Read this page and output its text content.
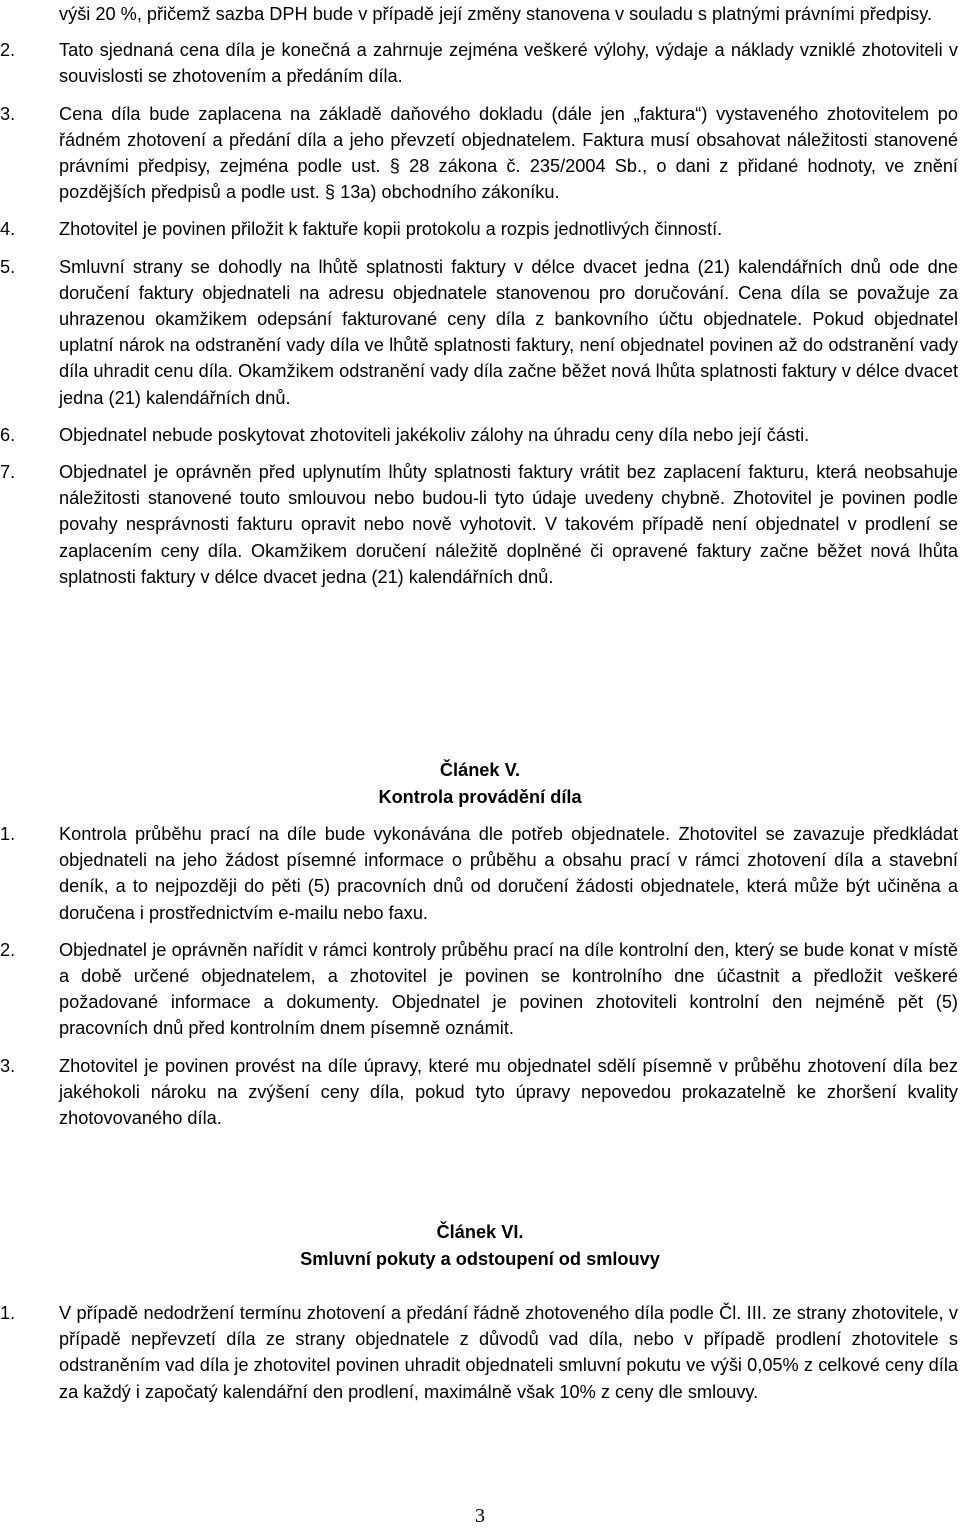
výši 20 %, přičemž sazba DPH bude v případě její změny stanovena v souladu s platnými právními předpisy.
2.	Tato sjednaná cena díla je konečná a zahrnuje zejména veškeré výlohy, výdaje a náklady vzniklé zhotoviteli v souvislosti se zhotovením a předáním díla.
3.	Cena díla bude zaplacena na základě daňového dokladu (dále jen „faktura“) vystaveného zhotovitelem po řádném zhotovení a předání díla a jeho převzetí objednatelem. Faktura musí obsahovat náležitosti stanovené právními předpisy, zejména podle ust. § 28 zákona č. 235/2004 Sb., o dani z přidané hodnoty, ve znění pozdějších předpisů a podle ust. § 13a) obchodního zákoníku.
4.	Zhotovitel je povinen přiložit k faktuře kopii protokolu a rozpis jednotlivých činností.
5.	Smluvní strany se dohodly na lhůtě splatnosti faktury v délce dvacet jedna (21) kalendářních dnů ode dne doručení faktury objednateli na adresu objednatele stanovenou pro doručování. Cena díla se považuje za uhrazenou okamžikem odepsání fakturované ceny díla z bankovního účtu objednatele. Pokud objednatel uplatní nárok na odstranění vady díla ve lhůtě splatnosti faktury, není objednatel povinen až do odstranění vady díla uhradit cenu díla. Okamžikem odstranění vady díla začne běžet nová lhůta splatnosti faktury v délce dvacet jedna (21) kalendářních dnů.
6.	Objednatel nebude poskytovat zhotoviteli jakékoliv zálohy na úhradu ceny díla nebo její části.
7.	Objednatel je oprávněn před uplynutím lhůty splatnosti faktury vrátit bez zaplacení fakturu, která neobsahuje náležitosti stanovené touto smlouvou nebo budou-li tyto údaje uvedeny chybně. Zhotovitel je povinen podle povahy nesprávnosti fakturu opravit nebo nově vyhotovit. V takovém případě není objednatel v prodlení se zaplacením ceny díla. Okamžikem doručení náležitě doplněné či opravené faktury začne běžet nová lhůta splatnosti faktury v délce dvacet jedna (21) kalendářních dnů.
Článek V.
Kontrola provádění díla
1.	Kontrola průběhu prací na díle bude vykonávána dle potřeb objednatele. Zhotovitel se zavazuje předkládat objednateli na jeho žádost písemné informace o průběhu a obsahu prací v rámci zhotovení díla a stavební deník, a to nejpozději do pěti (5) pracovních dnů od doručení žádosti objednatele, která může být učiněna a doručena i prostřednictvím e-mailu nebo faxu.
2.	Objednatel je oprávněn nařídit v rámci kontroly průběhu prací na díle kontrolní den, který se bude konat v místě a době určené objednatelem, a zhotovitel je povinen se kontrolního dne účastnit a předložit veškeré požadované informace a dokumenty. Objednatel je povinen zhotoviteli kontrolní den nejméně pět (5) pracovních dnů před kontrolním dnem písemně oznámit.
3.	Zhotovitel je povinen provést na díle úpravy, které mu objednatel sdělí písemně v průběhu zhotovení díla bez jakéhokoli nároku na zvýšení ceny díla, pokud tyto úpravy nepovedou prokazatelně ke zhoršení kvality zhotovovaného díla.
Článek VI.
Smluvní pokuty a odstoupení od smlouvy
1.	V případě nedodržení termínu zhotovení a předání řádně zhotoveného díla podle Čl. III. ze strany zhotovitele, v případě nepřevzetí díla ze strany objednatele z důvodů vad díla, nebo v případě prodlení zhotovitele s odstraněním vad díla je zhotovitel povinen uhradit objednateli smluvní pokutu ve výši 0,05% z celkové ceny díla za každý i započatý kalendářní den prodlení, maximálně však 10% z ceny dle smlouvy.
3
